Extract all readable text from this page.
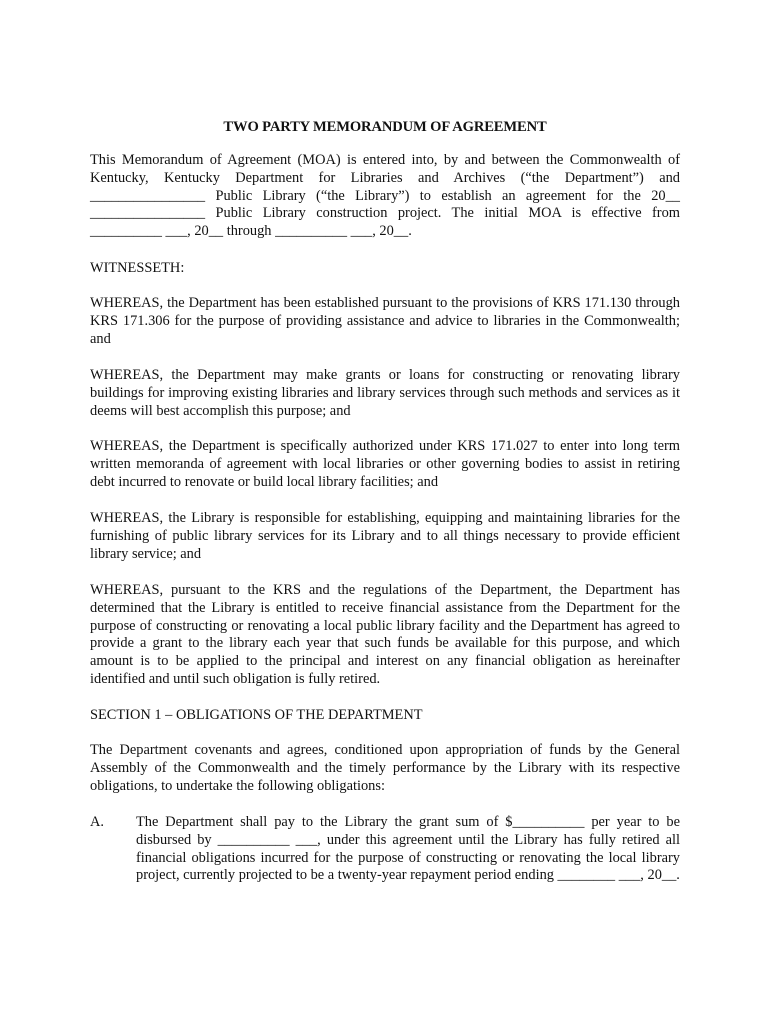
TWO PARTY MEMORANDUM OF AGREEMENT

This Memorandum of Agreement (MOA) is entered into, by and between the Commonwealth of Kentucky, Kentucky Department for Libraries and Archives (“the Department”) and ________________ Public Library (“the Library”) to establish an agreement for the 20__ ________________ Public Library construction project. The initial MOA is effective from __________ ___, 20__ through __________ ___, 20__.

WITNESSETH:

WHEREAS, the Department has been established pursuant to the provisions of KRS 171.130 through KRS 171.306 for the purpose of providing assistance and advice to libraries in the Commonwealth; and

WHEREAS, the Department may make grants or loans for constructing or renovating library buildings for improving existing libraries and library services through such methods and services as it deems will best accomplish this purpose; and

WHEREAS, the Department is specifically authorized under KRS 171.027 to enter into long term written memoranda of agreement with local libraries or other governing bodies to assist in retiring debt incurred to renovate or build local library facilities; and

WHEREAS, the Library is responsible for establishing, equipping and maintaining libraries for the furnishing of public library services for its Library and to all things necessary to provide efficient library service; and

WHEREAS, pursuant to the KRS and the regulations of the Department, the Department has determined that the Library is entitled to receive financial assistance from the Department for the purpose of constructing or renovating a local public library facility and the Department has agreed to provide a grant to the library each year that such funds be available for this purpose, and which amount is to be applied to the principal and interest on any financial obligation as hereinafter identified and until such obligation is fully retired.

SECTION 1 – OBLIGATIONS OF THE DEPARTMENT

The Department covenants and agrees, conditioned upon appropriation of funds by the General Assembly of the Commonwealth and the timely performance by the Library with its respective obligations, to undertake the following obligations:

A. The Department shall pay to the Library the grant sum of $__________ per year to be disbursed by __________ ___, under this agreement until the Library has fully retired all financial obligations incurred for the purpose of constructing or renovating the local library project, currently projected to be a twenty-year repayment period ending ________ ___, 20__.
